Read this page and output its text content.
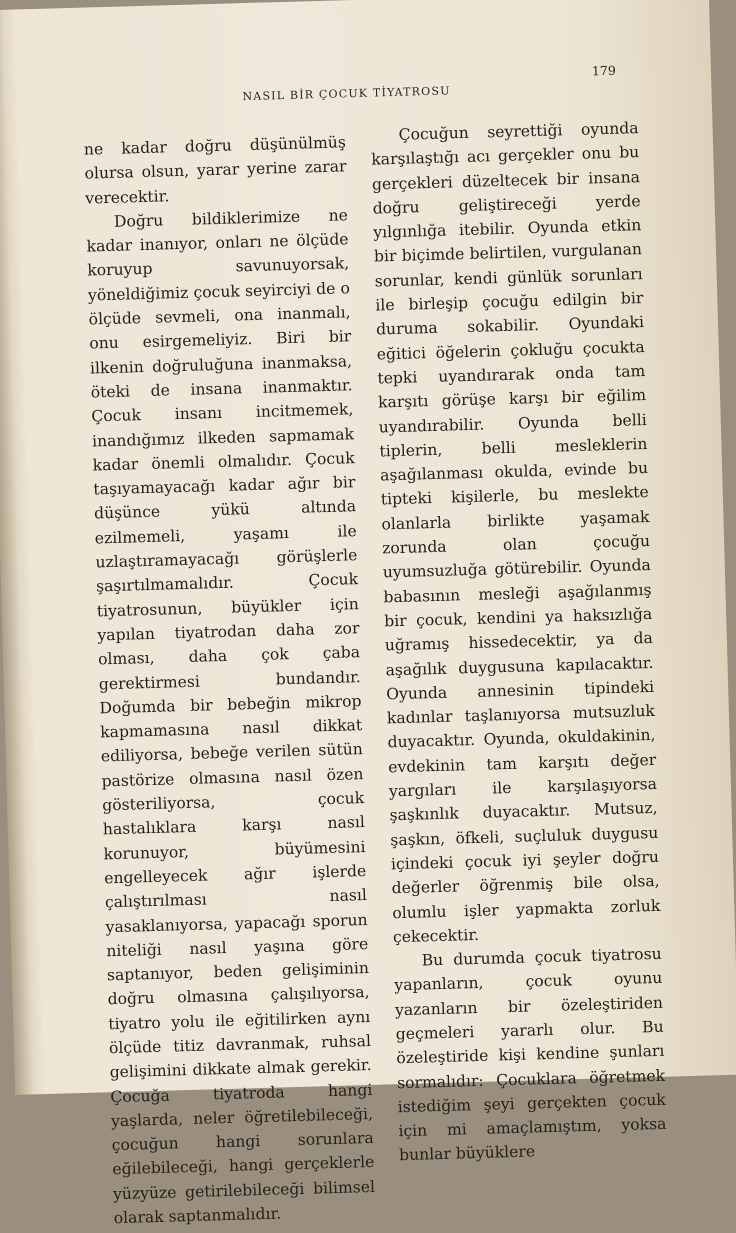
NASIL BİR ÇOCUK TİYATROSU
179

ne kadar doğru düşünülmüş olursa olsun, yarar yerine zarar verecektir.

Doğru bildiklerimize ne kadar inanıyor, onları ne ölçüde koruyup savunuyorsak, yöneldiğimiz çocuk seyirciyi de o ölçüde sevmeli, ona inanmalı, onu esirgemeliyiz. Biri bir ilkenin doğruluğuna inanmaksa, öteki de insana inanmaktır. Çocuk insanı incitmemek, inandığımız ilkeden sapmamak kadar önemli olmalıdır. Çocuk taşıyamayacağı kadar ağır bir düşünce yükü altında ezilmemeli, yaşamı ile uzlaştıramayacağı görüşlerle şaşırtılmamalıdır. Çocuk tiyatrosunun, büyükler için yapılan tiyatrodan daha zor olması, daha çok çaba gerektirmesi bundandır. Doğumda bir bebeğin mikrop kapmamasına nasıl dikkat ediliyorsa, bebeğe verilen sütün pastörize olmasına nasıl özen gösteriliyorsa, çocuk hastalıklara karşı nasıl korunuyor, büyümesini engelleyecek ağır işlerde çalıştırılması nasıl yasaklanıyorsa, yapacağı sporun niteliği nasıl yaşına göre saptanıyor, beden gelişiminin doğru olmasına çalışılıyorsa, tiyatro yolu ile eğitilirken aynı ölçüde titiz davranmak, ruhsal gelişimini dikkate almak gerekir. Çocuğa tiyatroda hangi yaşlarda, neler öğretilebileceği, çocuğun hangi sorunlara eğilebileceği, hangi gerçeklerle yüzyüze getirilebileceği bilimsel olarak saptanmalıdır.

Çocuğun seyrettiği oyunda karşılaştığı acı gerçekler onu bu gerçekleri düzeltecek bir insana doğru geliştireceği yerde yılgınlığa itebilir. Oyunda etkin bir biçimde belirtilen, vurgulanan sorunlar, kendi günlük sorunları ile birleşip çocuğu edilgin bir duruma sokabilir. Oyundaki eğitici öğelerin çokluğu çocukta tepki uyandırarak onda tam karşıtı görüşe karşı bir eğilim uyandırabilir. Oyunda belli tiplerin, belli mesleklerin aşağılanması okulda, evinde bu tipteki kişilerle, bu meslekte olanlarla birlikte yaşamak zorunda olan çocuğu uyumsuzluğa götürebilir. Oyunda babasının mesleği aşağılanmış bir çocuk, kendini ya haksızlığa uğramış hissedecektir, ya da aşağılık duygusuna kapılacaktır. Oyunda annesinin tipindeki kadınlar taşlanıyorsa mutsuzluk duyacaktır. Oyunda, okuldakinin, evdekinin tam karşıtı değer yargıları ile karşılaşıyorsa şaşkınlık duyacaktır. Mutsuz, şaşkın, öfkeli, suçluluk duygusu içindeki çocuk iyi şeyler doğru değerler öğrenmiş bile olsa, olumlu işler yapmakta zorluk çekecektir.

Bu durumda çocuk tiyatrosu yapanların, çocuk oyunu yazanların bir özeleştiriden geçmeleri yararlı olur. Bu özeleştiride kişi kendine şunları sormalıdır: Çocuklara öğretmek istediğim şeyi gerçekten çocuk için mi amaçlamıştım, yoksa bunlar büyüklere
